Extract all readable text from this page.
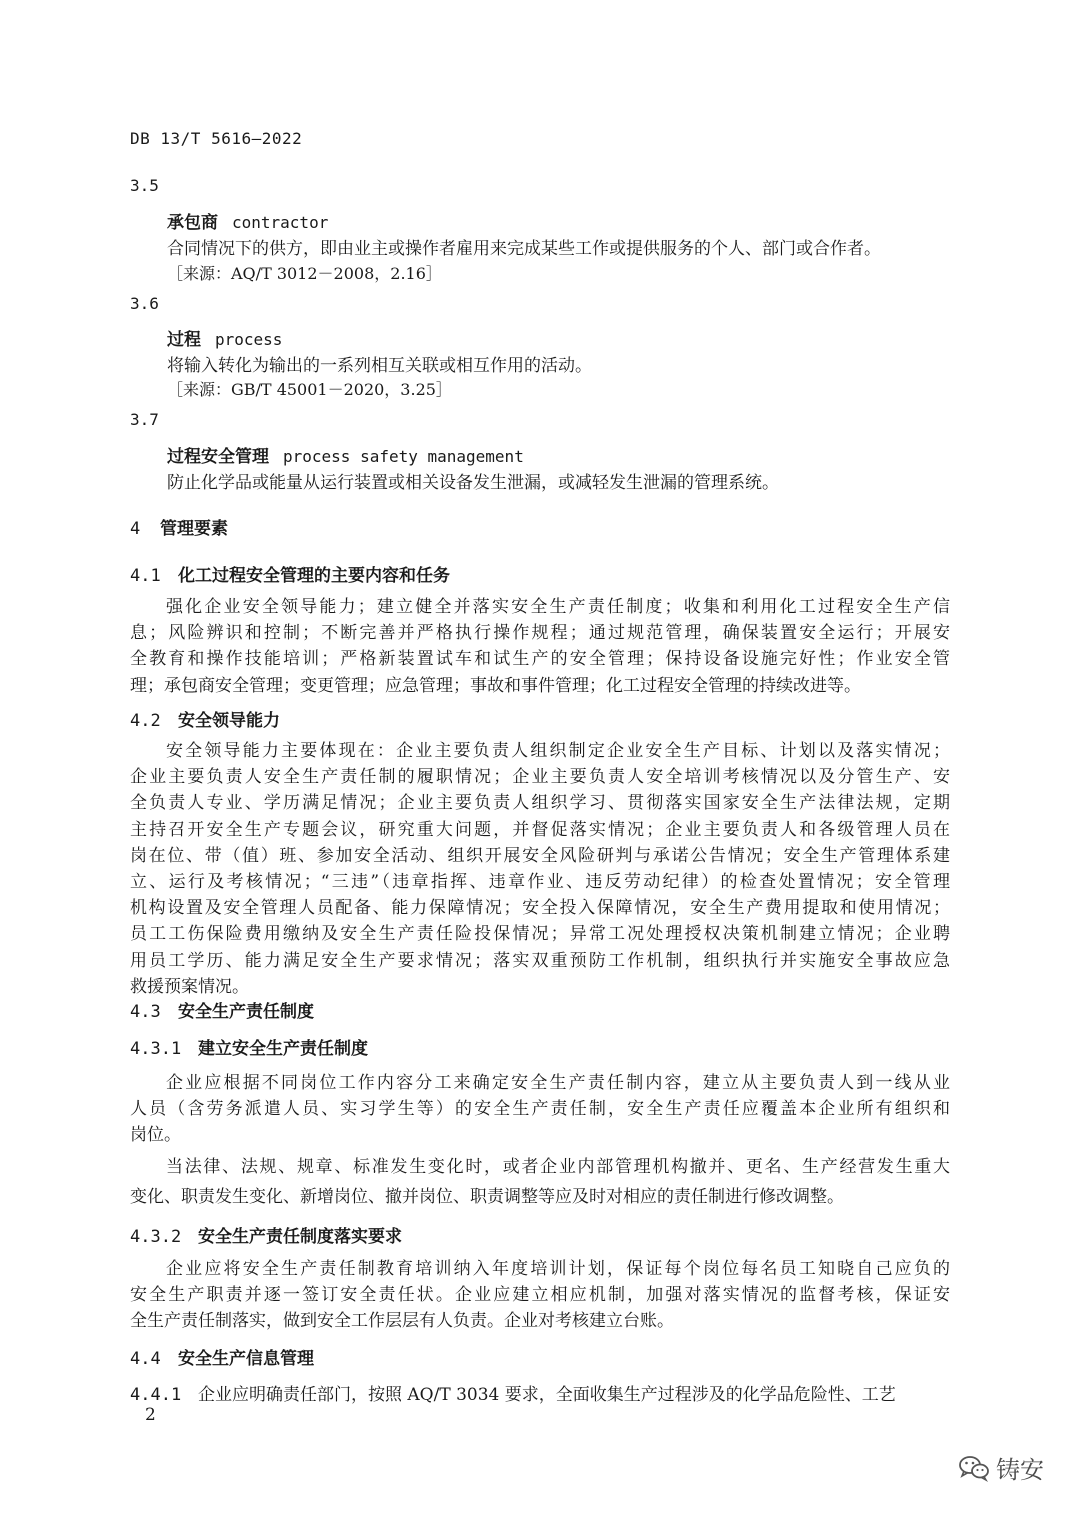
DB 13/T 5616—2022
3.5
承包商 contractor
合同情况下的供方，即由业主或操作者雇用来完成某些工作或提供服务的个人、部门或合作者。
［来源：AQ/T 3012－2008，2.16］
3.6
过程 process
将输入转化为输出的一系列相互关联或相互作用的活动。
［来源：GB/T 45001－2020，3.25］
3.7
过程安全管理 process safety management
防止化学品或能量从运行装置或相关设备发生泄漏，或减轻发生泄漏的管理系统。
4 管理要素
4.1 化工过程安全管理的主要内容和任务
强化企业安全领导能力；建立健全并落实安全生产责任制度；收集和利用化工过程安全生产信
息；风险辨识和控制；不断完善并严格执行操作规程；通过规范管理，确保装置安全运行；开展安
全教育和操作技能培训；严格新装置试车和试生产的安全管理；保持设备设施完好性；作业安全管
理；承包商安全管理；变更管理；应急管理；事故和事件管理；化工过程安全管理的持续改进等。
4.2 安全领导能力
安全领导能力主要体现在：企业主要负责人组织制定企业安全生产目标、计划以及落实情况；
企业主要负责人安全生产责任制的履职情况；企业主要负责人安全培训考核情况以及分管生产、安
全负责人专业、学历满足情况；企业主要负责人组织学习、贯彻落实国家安全生产法律法规，定期
主持召开安全生产专题会议，研究重大问题，并督促落实情况；企业主要负责人和各级管理人员在
岗在位、带（值）班、参加安全活动、组织开展安全风险研判与承诺公告情况；安全生产管理体系建
立、运行及考核情况；“三违”（违章指挥、违章作业、违反劳动纪律）的检查处置情况；安全管理
机构设置及安全管理人员配备、能力保障情况；安全投入保障情况，安全生产费用提取和使用情况；
员工工伤保险费用缴纳及安全生产责任险投保情况；异常工况处理授权决策机制建立情况；企业聘
用员工学历、能力满足安全生产要求情况；落实双重预防工作机制，组织执行并实施安全事故应急
救援预案情况。
4.3 安全生产责任制度
4.3.1 建立安全生产责任制度
企业应根据不同岗位工作内容分工来确定安全生产责任制内容，建立从主要负责人到一线从业
人员（含劳务派遣人员、实习学生等）的安全生产责任制，安全生产责任应覆盖本企业所有组织和
岗位。
当法律、法规、规章、标准发生变化时，或者企业内部管理机构撤并、更名、生产经营发生重大
变化、职责发生变化、新增岗位、撤并岗位、职责调整等应及时对相应的责任制进行修改调整。
4.3.2 安全生产责任制度落实要求
企业应将安全生产责任制教育培训纳入年度培训计划，保证每个岗位每名员工知晓自己应负的
安全生产职责并逐一签订安全责任状。企业应建立相应机制，加强对落实情况的监督考核，保证安
全生产责任制落实，做到安全工作层层有人负责。企业对考核建立台账。
4.4 安全生产信息管理
4.4.1 企业应明确责任部门，按照 AQ/T 3034 要求，全面收集生产过程涉及的化学品危险性、工艺
2
铸安
